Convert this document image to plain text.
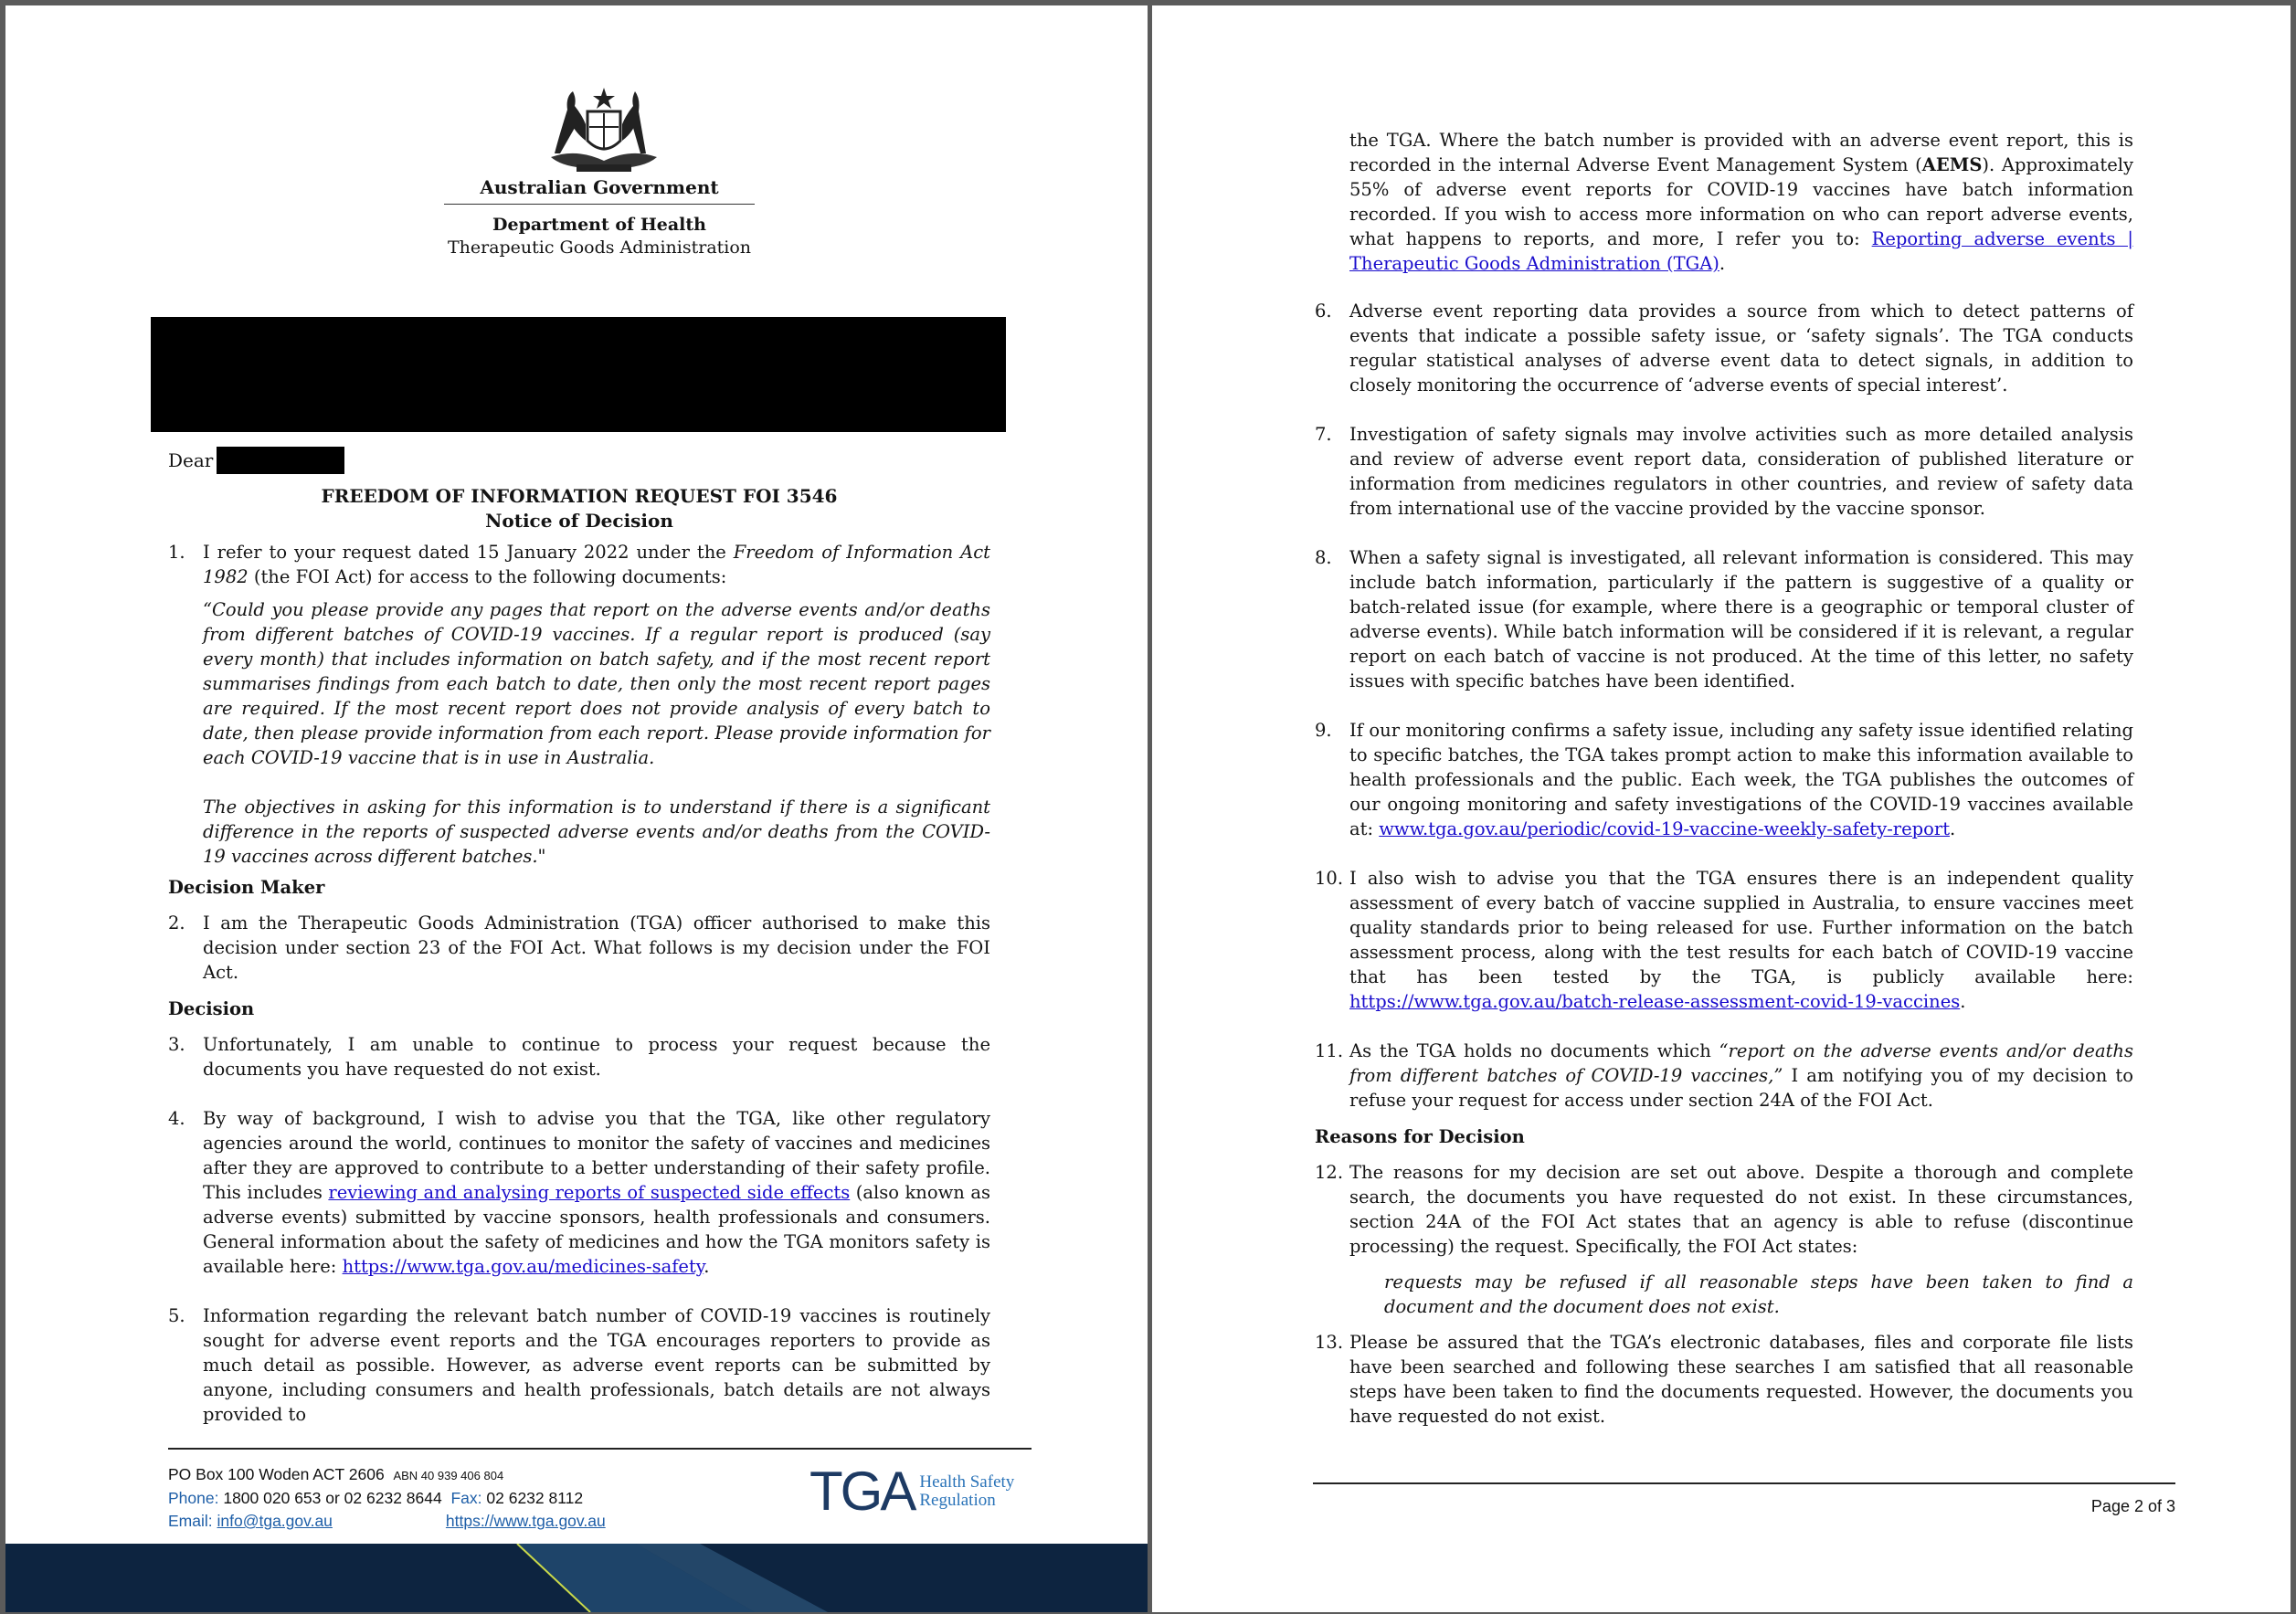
Australian Government
Department of Health
Therapeutic Goods Administration
Dear
FREEDOM OF INFORMATION REQUEST FOI 3546
Notice of Decision
1. I refer to your request dated 15 January 2022 under the Freedom of Information Act 1982 (the FOI Act) for access to the following documents:

“Could you please provide any pages that report on the adverse events and/or deaths from different batches of COVID-19 vaccines. If a regular report is produced (say every month) that includes information on batch safety, and if the most recent report summarises findings from each batch to date, then only the most recent report pages are required. If the most recent report does not provide analysis of every batch to date, then please provide information from each report. Please provide information for each COVID-19 vaccine that is in use in Australia.

The objectives in asking for this information is to understand if there is a significant difference in the reports of suspected adverse events and/or deaths from the COVID-19 vaccines across different batches."

Decision Maker
2. I am the Therapeutic Goods Administration (TGA) officer authorised to make this decision under section 23 of the FOI Act. What follows is my decision under the FOI Act.
Decision
3. Unfortunately, I am unable to continue to process your request because the documents you have requested do not exist.
4. By way of background, I wish to advise you that the TGA, like other regulatory agencies around the world, continues to monitor the safety of vaccines and medicines after they are approved to contribute to a better understanding of their safety profile. This includes reviewing and analysing reports of suspected side effects (also known as adverse events) submitted by vaccine sponsors, health professionals and consumers. General information about the safety of medicines and how the TGA monitors safety is available here: https://www.tga.gov.au/medicines-safety.
5. Information regarding the relevant batch number of COVID-19 vaccines is routinely sought for adverse event reports and the TGA encourages reporters to provide as much detail as possible. However, as adverse event reports can be submitted by anyone, including consumers and health professionals, batch details are not always provided to
PO Box 100 Woden ACT 2606 ABN 40 939 406 804
Phone: 1800 020 653 or 02 6232 8644 Fax: 02 6232 8112
Email: info@tga.gov.au	https://www.tga.gov.au	TGA Health Safety
Regulation
the TGA. Where the batch number is provided with an adverse event report, this is recorded in the internal Adverse Event Management System (AEMS). Approximately 55% of adverse event reports for COVID-19 vaccines have batch information recorded. If you wish to access more information on who can report adverse events, what happens to reports, and more, I refer you to: Reporting adverse events | Therapeutic Goods Administration (TGA).
6. Adverse event reporting data provides a source from which to detect patterns of events that indicate a possible safety issue, or ‘safety signals’. The TGA conducts regular statistical analyses of adverse event data to detect signals, in addition to closely monitoring the occurrence of ‘adverse events of special interest’.
7. Investigation of safety signals may involve activities such as more detailed analysis and review of adverse event report data, consideration of published literature or information from medicines regulators in other countries, and review of safety data from international use of the vaccine provided by the vaccine sponsor.
8. When a safety signal is investigated, all relevant information is considered. This may include batch information, particularly if the pattern is suggestive of a quality or batch-related issue (for example, where there is a geographic or temporal cluster of adverse events). While batch information will be considered if it is relevant, a regular report on each batch of vaccine is not produced. At the time of this letter, no safety issues with specific batches have been identified.
9. If our monitoring confirms a safety issue, including any safety issue identified relating to specific batches, the TGA takes prompt action to make this information available to health professionals and the public. Each week, the TGA publishes the outcomes of our ongoing monitoring and safety investigations of the COVID-19 vaccines available at: www.tga.gov.au/periodic/covid-19-vaccine-weekly-safety-report.
10. I also wish to advise you that the TGA ensures there is an independent quality assessment of every batch of vaccine supplied in Australia, to ensure vaccines meet quality standards prior to being released for use. Further information on the batch assessment process, along with the test results for each batch of COVID-19 vaccine that has been tested by the TGA, is publicly available here: https://www.tga.gov.au/batch-release-assessment-covid-19-vaccines.
11. As the TGA holds no documents which “report on the adverse events and/or deaths from different batches of COVID-19 vaccines,” I am notifying you of my decision to refuse your request for access under section 24A of the FOI Act.
Reasons for Decision
12. The reasons for my decision are set out above. Despite a thorough and complete search, the documents you have requested do not exist. In these circumstances, section 24A of the FOI Act states that an agency is able to refuse (discontinue processing) the request. Specifically, the FOI Act states:
requests may be refused if all reasonable steps have been taken to find a document and the document does not exist.
13. Please be assured that the TGA’s electronic databases, files and corporate file lists have been searched and following these searches I am satisfied that all reasonable steps have been taken to find the documents requested. However, the documents you have requested do not exist.
Page 2 of 3
